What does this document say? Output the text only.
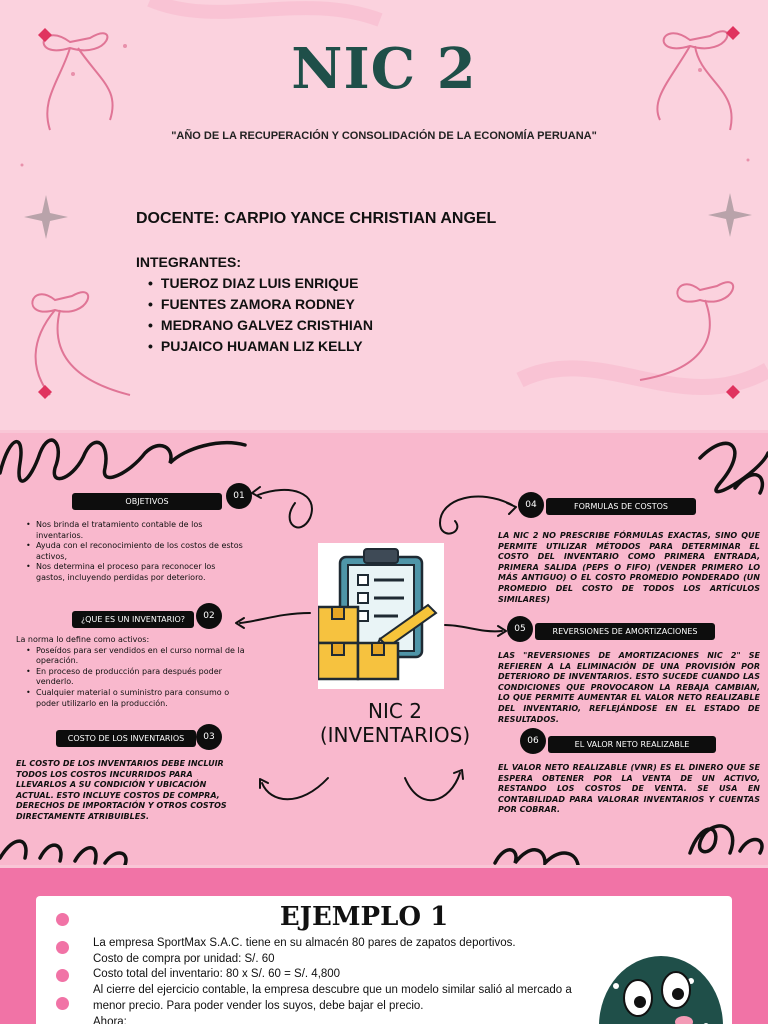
NIC 2

"AÑO DE LA RECUPERACIÓN Y CONSOLIDACIÓN DE LA ECONOMÍA PERUANA"

DOCENTE: CARPIO YANCE CHRISTIAN ANGEL

INTEGRANTES:

• TUEROZ DIAZ LUIS ENRIQUE
• FUENTES ZAMORA RODNEY
• MEDRANO GALVEZ CRISTHIAN
• PUJAICO HUAMAN LIZ KELLY
OBJETIVOS
01
• Nos brinda el tratamiento contable de los inventarios.
• Ayuda con el reconocimiento de los costos de estos activos,
• Nos determina el proceso para reconocer los gastos, incluyendo perdidas por deterioro.
¿QUE ES UN INVENTARIO?	02

La norma lo define como activos:

• Poseídos para ser vendidos en el curso normal de la operación.
• En proceso de producción para después poder venderlo.
• Cualquier material o suministro para consumo o poder utilizarlo en la producción.
COSTO DE LOS INVENTARIOS	03

EL COSTO DE LOS INVENTARIOS DEBE INCLUIR TODOS LOS COSTOS INCURRIDOS PARA LLEVARLOS A SU CONDICIÓN Y UBICACIÓN ACTUAL. ESTO INCLUYE COSTOS DE COMPRA, DERECHOS DE IMPORTACIÓN Y OTROS COSTOS DIRECTAMENTE ATRIBUIBLES.

NIC 2
(INVENTARIOS)
04	FORMULAS DE COSTOS

LA NIC 2 NO PRESCRIBE FÓRMULAS EXACTAS, SINO QUE PERMITE UTILIZAR MÉTODOS PARA DETERMINAR EL COSTO DEL INVENTARIO COMO PRIMERA ENTRADA, PRIMERA SALIDA (PEPS O FIFO) (VENDER PRIMERO LO MÁS ANTIGUO) O EL COSTO PROMEDIO PONDERADO (UN PROMEDIO DEL COSTO DE TODOS LOS ARTÍCULOS SIMILARES)

05	REVERSIONES DE AMORTIZACIONES

LAS "REVERSIONES DE AMORTIZACIONES NIC 2" SE REFIEREN A LA ELIMINACIÓN DE UNA PROVISIÓN POR DETERIORO DE INVENTARIOS. ESTO SUCEDE CUANDO LAS CONDICIONES QUE PROVOCARON LA REBAJA CAMBIAN, LO QUE PERMITE AUMENTAR EL VALOR NETO REALIZABLE DEL INVENTARIO, REFLEJÁNDOSE EN EL ESTADO DE RESULTADOS.

06	EL VALOR NETO REALIZABLE

EL VALOR NETO REALIZABLE (VNR) ES EL DINERO QUE SE ESPERA OBTENER POR LA VENTA DE UN ACTIVO, RESTANDO LOS COSTOS DE VENTA. SE USA EN CONTABILIDAD PARA VALORAR INVENTARIOS Y CUENTAS POR COBRAR.

EJEMPLO 1

La empresa SportMax S.A.C. tiene en su almacén 80 pares de zapatos deportivos.

Costo de compra por unidad: S/. 60

Costo total del inventario: 80 x S/. 60 = S/. 4,800

Al cierre del ejercicio contable, la empresa descubre que un modelo similar salió al mercado a

menor precio. Para poder vender los suyos, debe bajar el precio.

Ahora:
